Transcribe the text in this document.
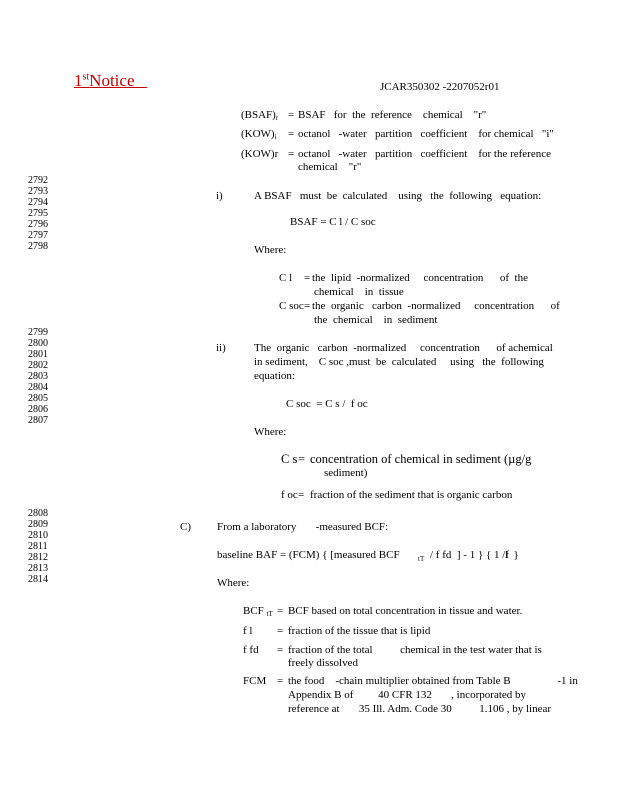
1stNotice	JCAR350302 -2207052r01
$(BSAF)_r$ = BSAF   for  the  reference    chemical    "r"
$(KOW)_i$ = octanol   -water   partition   coefficient    for chemical   "i"
(KOW)r = octanol   -water   partition   coefficient    for the reference
chemical    "r"
2792
2793
2794
2795
2796
2797
2798
i)	A BSAF   must  be  calculated    using   the  following   equation:
BSAF = C l / C soc
Where:
C l = the  lipid  -normalized     concentration      of  the
chemical    in  tissue
C soc = the  organic   carbon  -normalized     concentration      of
the  chemical    in  sediment
2799
2800
2801
2802
2803
2804
2805
2806
2807
ii)	The  organic   carbon  -normalized     concentration      of achemical
in sediment,    C soc ,must  be  calculated     using   the  following
equation:
C soc  = C s /  f oc
Where:
C s = concentration of chemical in sediment (µg/g
sediment)
f oc = fraction of the sediment that is organic carbon
2808
2809
2810
2811
2812
2813
2814
C) From a laboratory       -measured BCF:
baseline BAF = (FCM) { [measured BCF	tT / f fd  ] - 1 } { 1 /f
l  }
Where:
BCF $_{tT}$ = BCF based on total concentration in tissue and water.
f l = fraction of the tissue that is lipid
f fd = fraction of the total          chemical in the test water that is
freely dissolved
FCM = the food    -chain multiplier obtained from Table B                 -1 in
Appendix B of         40 CFR 132       , incorporated by
reference at       35 Ill. Adm. Code 30          1.106 , by linear
